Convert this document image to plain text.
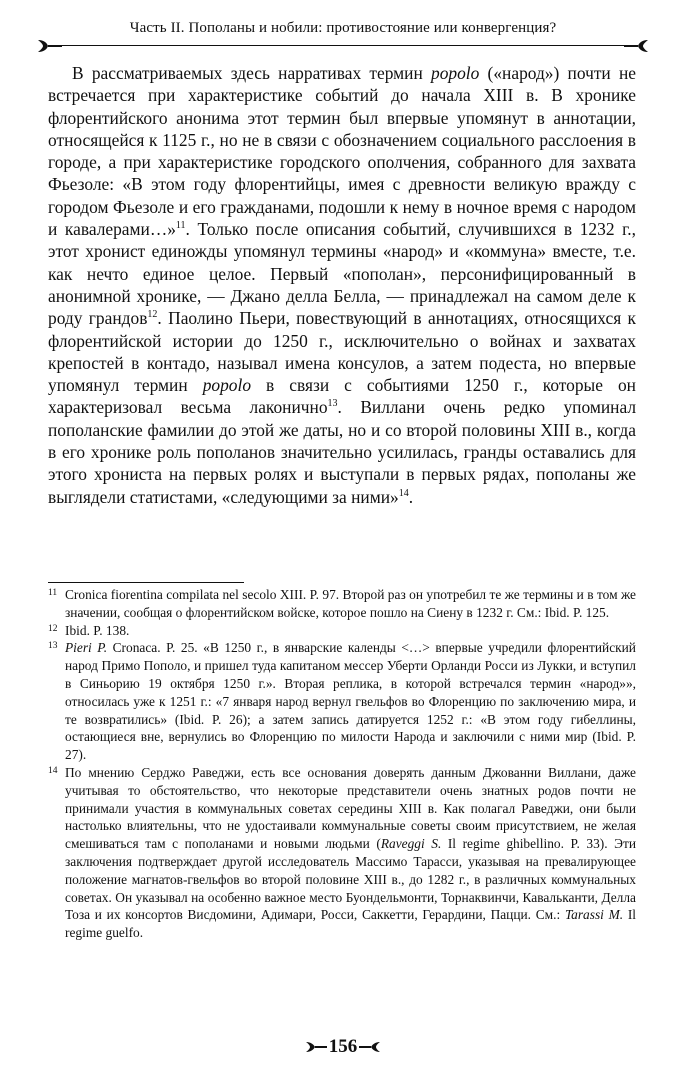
Часть II. Пополаны и нобили: противостояние или конвергенция?

В рассматриваемых здесь нарративах термин popolo («народ») почти не встречается при характеристике событий до начала XIII в. В хронике флорентийского анонима этот термин был впервые упомянут в аннотации, относящейся к 1125 г., но не в связи с обозначением социального расслоения в городе, а при характеристике городского ополчения, собранного для захвата Фьезоле: «В этом году флорентийцы, имея с древности великую вражду с городом Фьезоле и его гражданами, подошли к нему в ночное время с народом и кавалерами…»$^{11}$. Только после описания событий, случившихся в 1232 г., этот хронист единожды упомянул термины «народ» и «коммуна» вместе, т.е. как нечто единое целое. Первый «пополан», персонифицированный в анонимной хронике, — Джано делла Белла, — принадлежал на самом деле к роду грандов$^{12}$. Паолино Пьери, повествующий в аннотациях, относящихся к флорентийской истории до 1250 г., исключительно о войнах и захватах крепостей в контадо, называл имена консулов, а затем подеста, но впервые упомянул термин popolo в связи с событиями 1250 г., которые он характеризовал весьма лаконично$^{13}$. Виллани очень редко упоминал пополанские фамилии до этой же даты, но и со второй половины XIII в., когда в его хронике роль пополанов значительно усилилась, гранды оставались для этого хрониста на первых ролях и выступали в первых рядах, пополаны же выглядели статистами, «следующими за ними»$^{14}$.

11 Cronica fiorentina compilata nel secolo XIII. P. 97. Второй раз он употребил те же термины и в том же значении, сообщая о флорентийском войске, которое пошло на Сиену в 1232 г. См.: Ibid. P. 125.
12 Ibid. P. 138.
13 Pieri P. Cronaca. P. 25. «В 1250 г., в январские календы <…> впервые учредили флорентийский народ Примо Пополо, и пришел туда капитаном мессер Уберти Орланди Росси из Лукки, и вступил в Синьорию 19 октября 1250 г.». Вторая реплика, в которой встречался термин «народ»», относилась уже к 1251 г.: «7 января народ вернул гвельфов во Флоренцию по заключению мира, и те возвратились» (Ibid. P. 26); а затем запись датируется 1252 г.: «В этом году гибеллины, остающиеся вне, вернулись во Флоренцию по милости Народа и заключили с ними мир (Ibid. P. 27).
14 По мнению Серджо Раведжи, есть все основания доверять данным Джованни Виллани, даже учитывая то обстоятельство, что некоторые представители очень знатных родов почти не принимали участия в коммунальных советах середины XIII в. Как полагал Раведжи, они были настолько влиятельны, что не удостаивали коммунальные советы своим присутствием, не желая смешиваться там с пополанами и новыми людьми (Raveggi S. Il regime ghibellino. P. 33). Эти заключения подтверждает другой исследователь Массимо Тарасси, указывая на превалирующее положение магнатов-гвельфов во второй половине XIII в., до 1282 г., в различных коммунальных советах. Он указывал на особенно важное место Буондельмонти, Торнаквинчи, Кавальканти, Делла Тоза и их консортов Висдомини, Адимари, Росси, Саккетти, Герардини, Пацци. См.: Tarassi M. Il regime guelfo.
156
